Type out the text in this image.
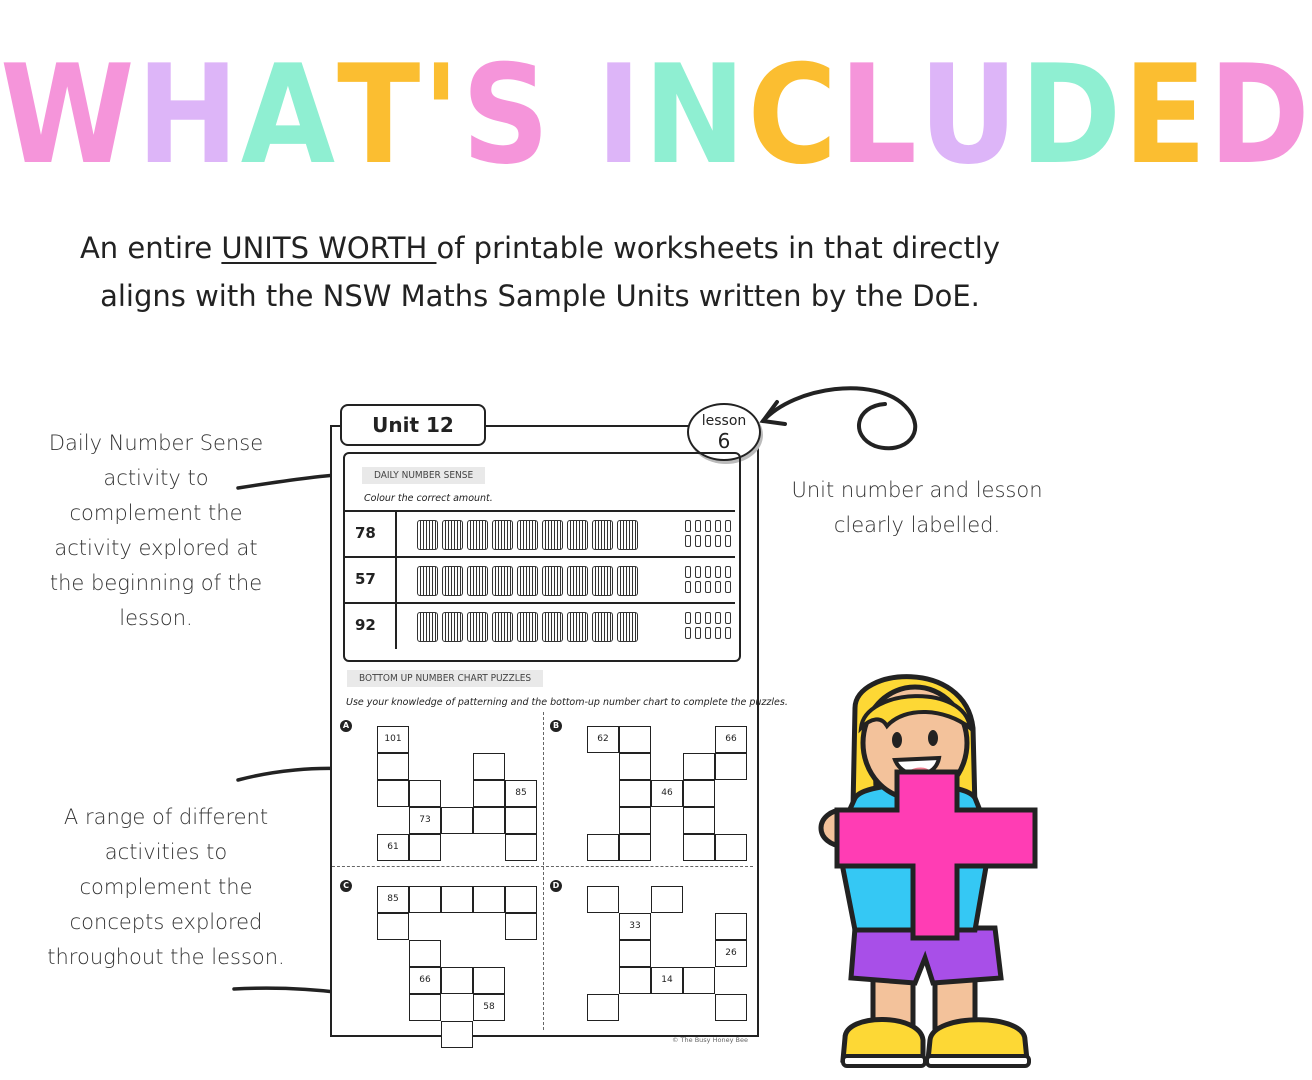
WHAT'S INCLUDED
An entire UNITS WORTH of printable worksheets in that directly aligns with the NSW Maths Sample Units written by the DoE.
Daily Number Sense activity to complement the activity explored at the beginning of the lesson.
Unit number and lesson clearly labelled.
A range of different activities to complement the concepts explored throughout the lesson.
Unit 12	lesson
6
DAILY NUMBER SENSE
Colour the correct amount.
78
57
92
BOTTOM UP NUMBER CHART PUZZLES
Use your knowledge of patterning and the bottom-up number chart to complete the puzzles.
A
101
85
73
61
B
62	66
46
C
85
66
58
D
33
26
14
© The Busy Honey Bee
